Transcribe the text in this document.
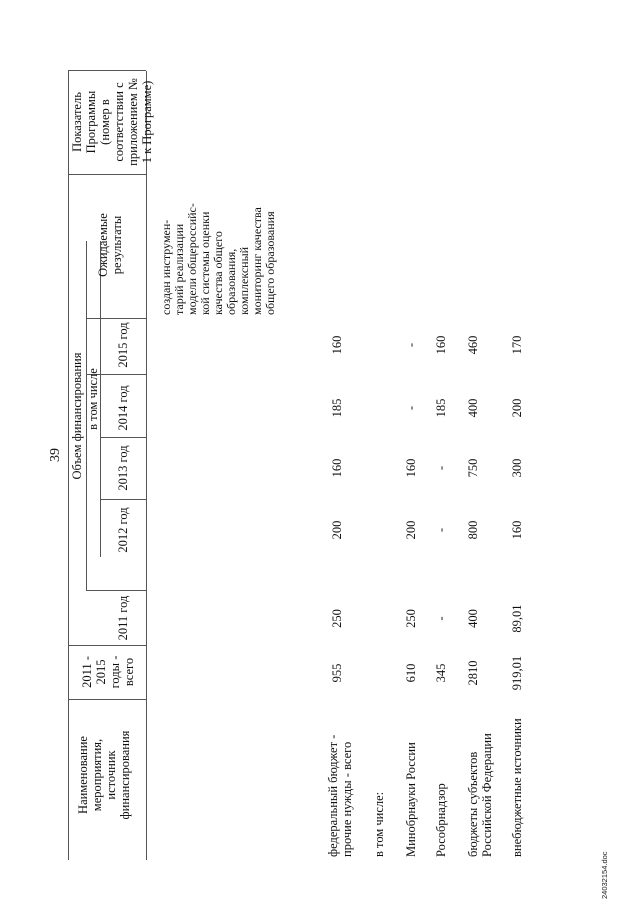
39
Наименование мероприятия, источник финансирования
2011 - 2015 годы - всего
Объем финансирования в том числе
2011 год
2012 год
2013 год
2014 год
2015 год
Ожидаемые результаты
Показатель Программы (номер в соответствии с приложением № 1 к Программе)
федеральный бюджет - прочие нужды - всего в том числе: Минобрнауки России Рособрнадзор бюджеты субъектов Российской Федерации внебюджетные источники
955
250
200
160
185
160
610
250
200
160
-
-
345
-
-
-
185
160
2810
400
800
750
400
460
919,01
89,01
160
300
200
170
создан инструмен- тарий реализации модели общероссийс- кой системы оценки качества общего образования, комплексный мониторинг качества общего образования
24032154.doc
